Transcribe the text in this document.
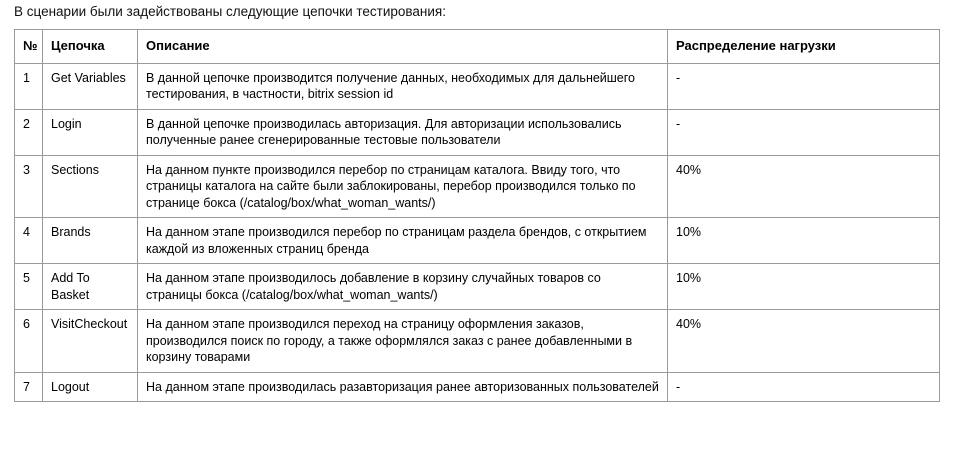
В сценарии были задействованы следующие цепочки тестирования:
№	Цепочка	Описание	Распределение нагрузки
1	Get Variables	В данной цепочке производится получение данных, необходимых для дальнейшего тестирования, в частности, bitrix session id	-
2	Login	В данной цепочке производилась авторизация. Для авторизации использовались полученные ранее сгенерированные тестовые пользователи	-
3	Sections	На данном пункте производился перебор по страницам каталога. Ввиду того, что страницы каталога на сайте были заблокированы, перебор производился только по странице бокса (/catalog/box/what_woman_wants/)	40%
4	Brands	На данном этапе производился перебор по страницам раздела брендов, с открытием каждой из вложенных страниц бренда	10%
5	Add To Basket	На данном этапе производилось добавление в корзину случайных товаров со страницы бокса (/catalog/box/what_woman_wants/)	10%
6	VisitCheckout	На данном этапе производился переход на страницу оформления заказов, производился поиск по городу, а также оформлялся заказ с ранее добавленными в корзину товарами	40%
7	Logout	На данном этапе производилась разавторизация ранее авторизованных пользователей	-
